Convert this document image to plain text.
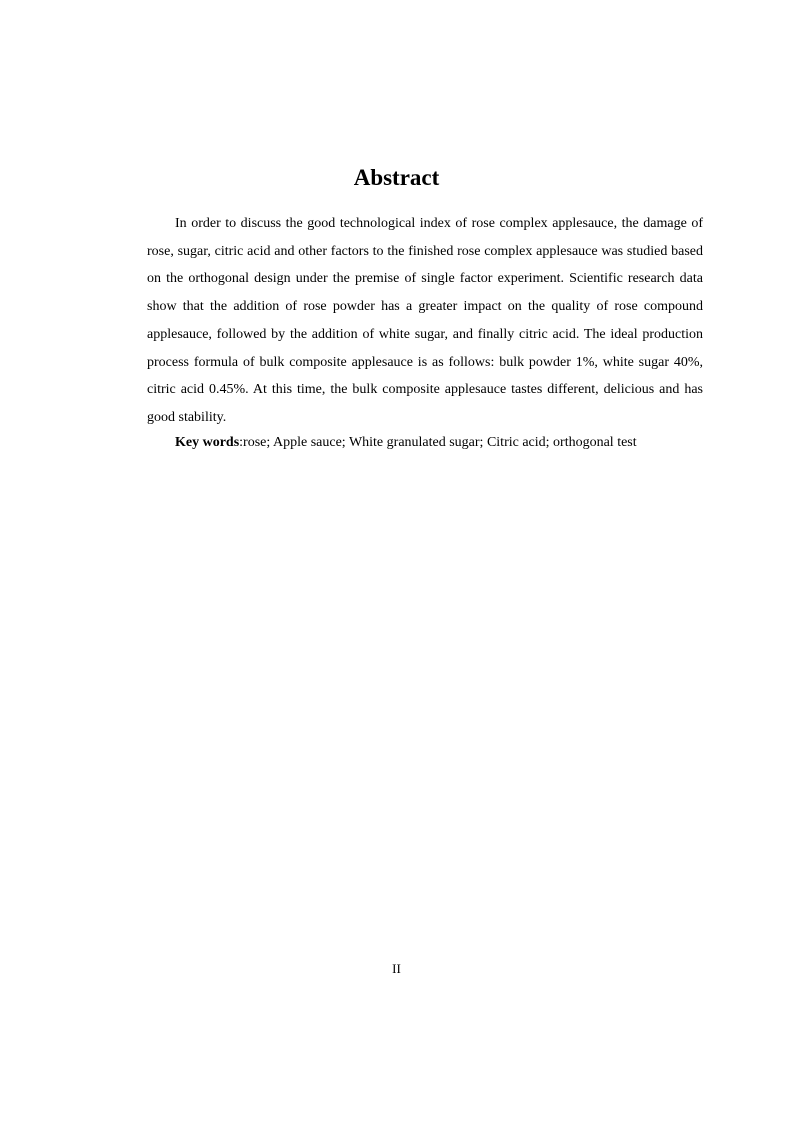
Abstract

In order to discuss the good technological index of rose complex applesauce, the damage of rose, sugar, citric acid and other factors to the finished rose complex applesauce was studied based on the orthogonal design under the premise of single factor experiment. Scientific research data show that the addition of rose powder has a greater impact on the quality of rose compound applesauce, followed by the addition of white sugar, and finally citric acid. The ideal production process formula of bulk composite applesauce is as follows: bulk powder 1%, white sugar 40%, citric acid 0.45%. At this time, the bulk composite applesauce tastes different, delicious and has good stability.

Key words:rose; Apple sauce; White granulated sugar; Citric acid; orthogonal test

II
